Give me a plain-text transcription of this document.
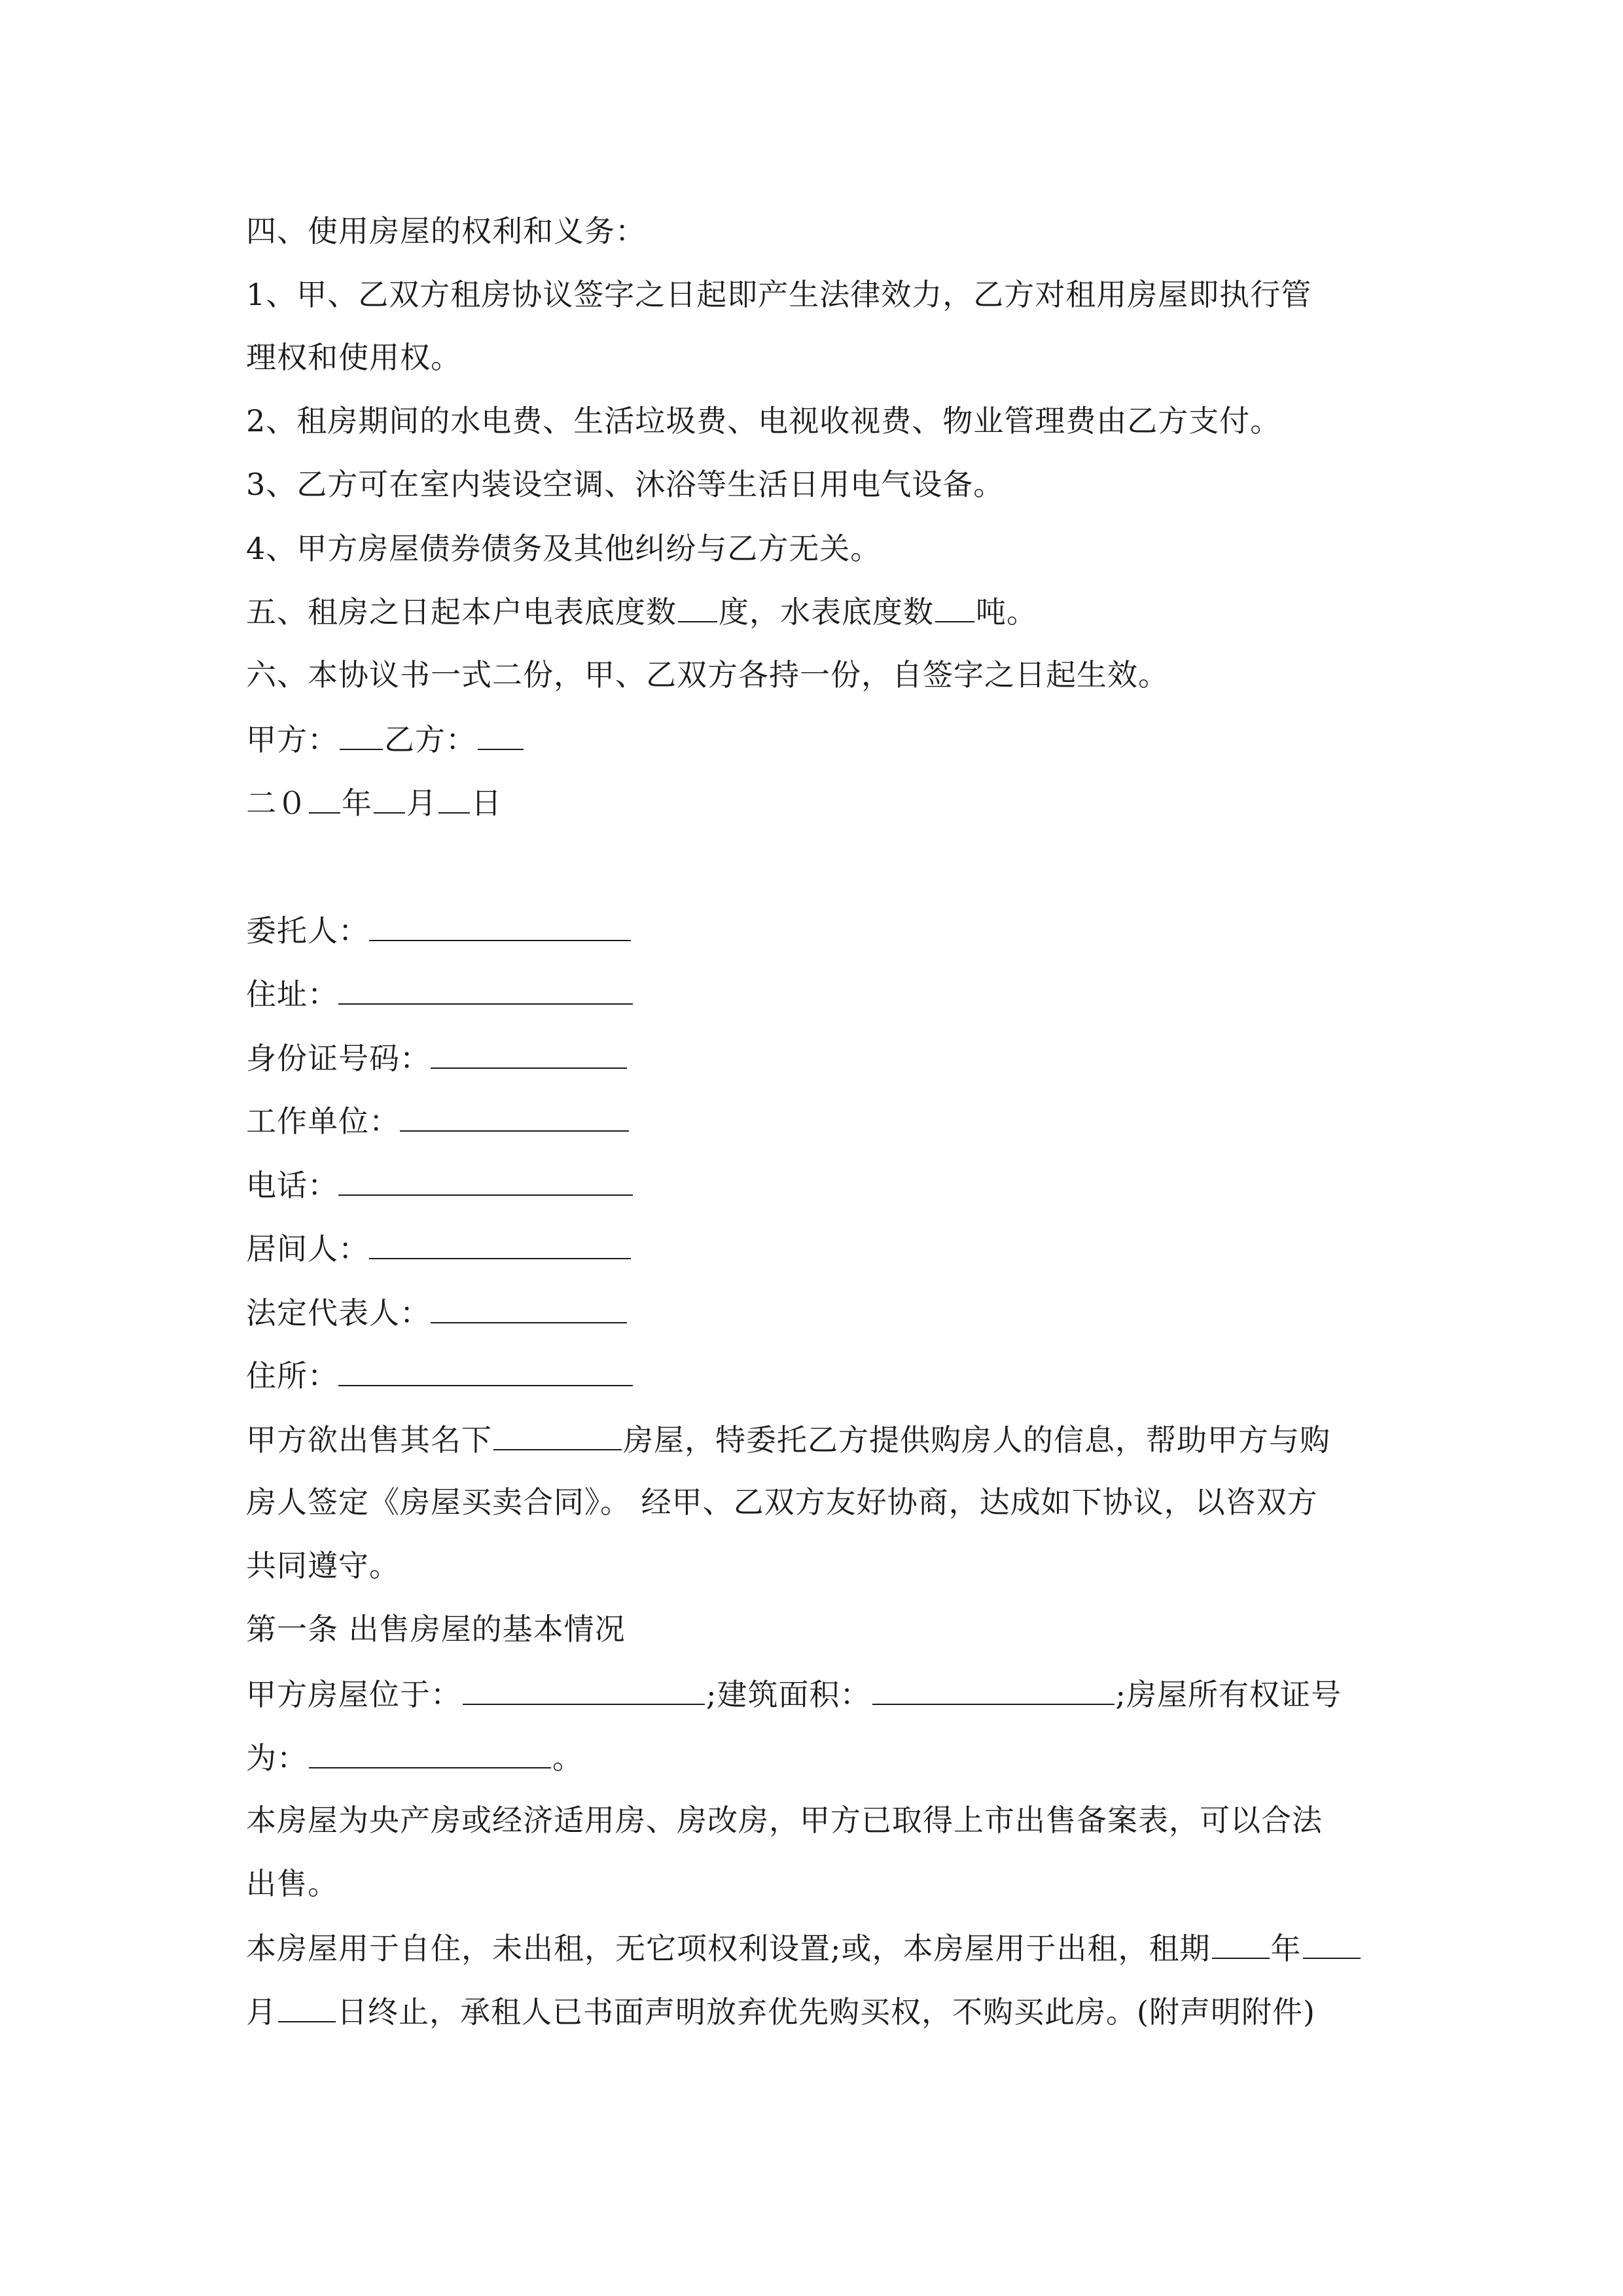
四、使用房屋的权利和义务：
1、甲、乙双方租房协议签字之日起即产生法律效力，乙方对租用房屋即执行管
理权和使用权。
2、租房期间的水电费、生活垃圾费、电视收视费、物业管理费由乙方支付。
3、乙方可在室内装设空调、沐浴等生活日用电气设备。
4、甲方房屋债券债务及其他纠纷与乙方无关。
五、租房之日起本户电表底度数 度，水表底度数 吨。
六、本协议书一式二份，甲、乙双方各持一份，自签字之日起生效。
甲方： 乙方：
二０ 年 月 日
委托人：
住址：
身份证号码：
工作单位：
电话：
居间人：
法定代表人：
住所：
甲方欲出售其名下	房屋，特委托乙方提供购房人的信息，帮助甲方与购
房人签定《房屋买卖合同》。 经甲、乙双方友好协商，达成如下协议，以咨双方
共同遵守。
第一条 出售房屋的基本情况
甲方房屋位于：	;建筑面积：	;房屋所有权证号
为：	。
本房屋为央产房或经济适用房、房改房，甲方已取得上市出售备案表，可以合法
出售。
本房屋用于自住，未出租，无它项权利设置;或，本房屋用于出租，租期 年
月 日终止，承租人已书面声明放弃优先购买权，不购买此房。(附声明附件)
